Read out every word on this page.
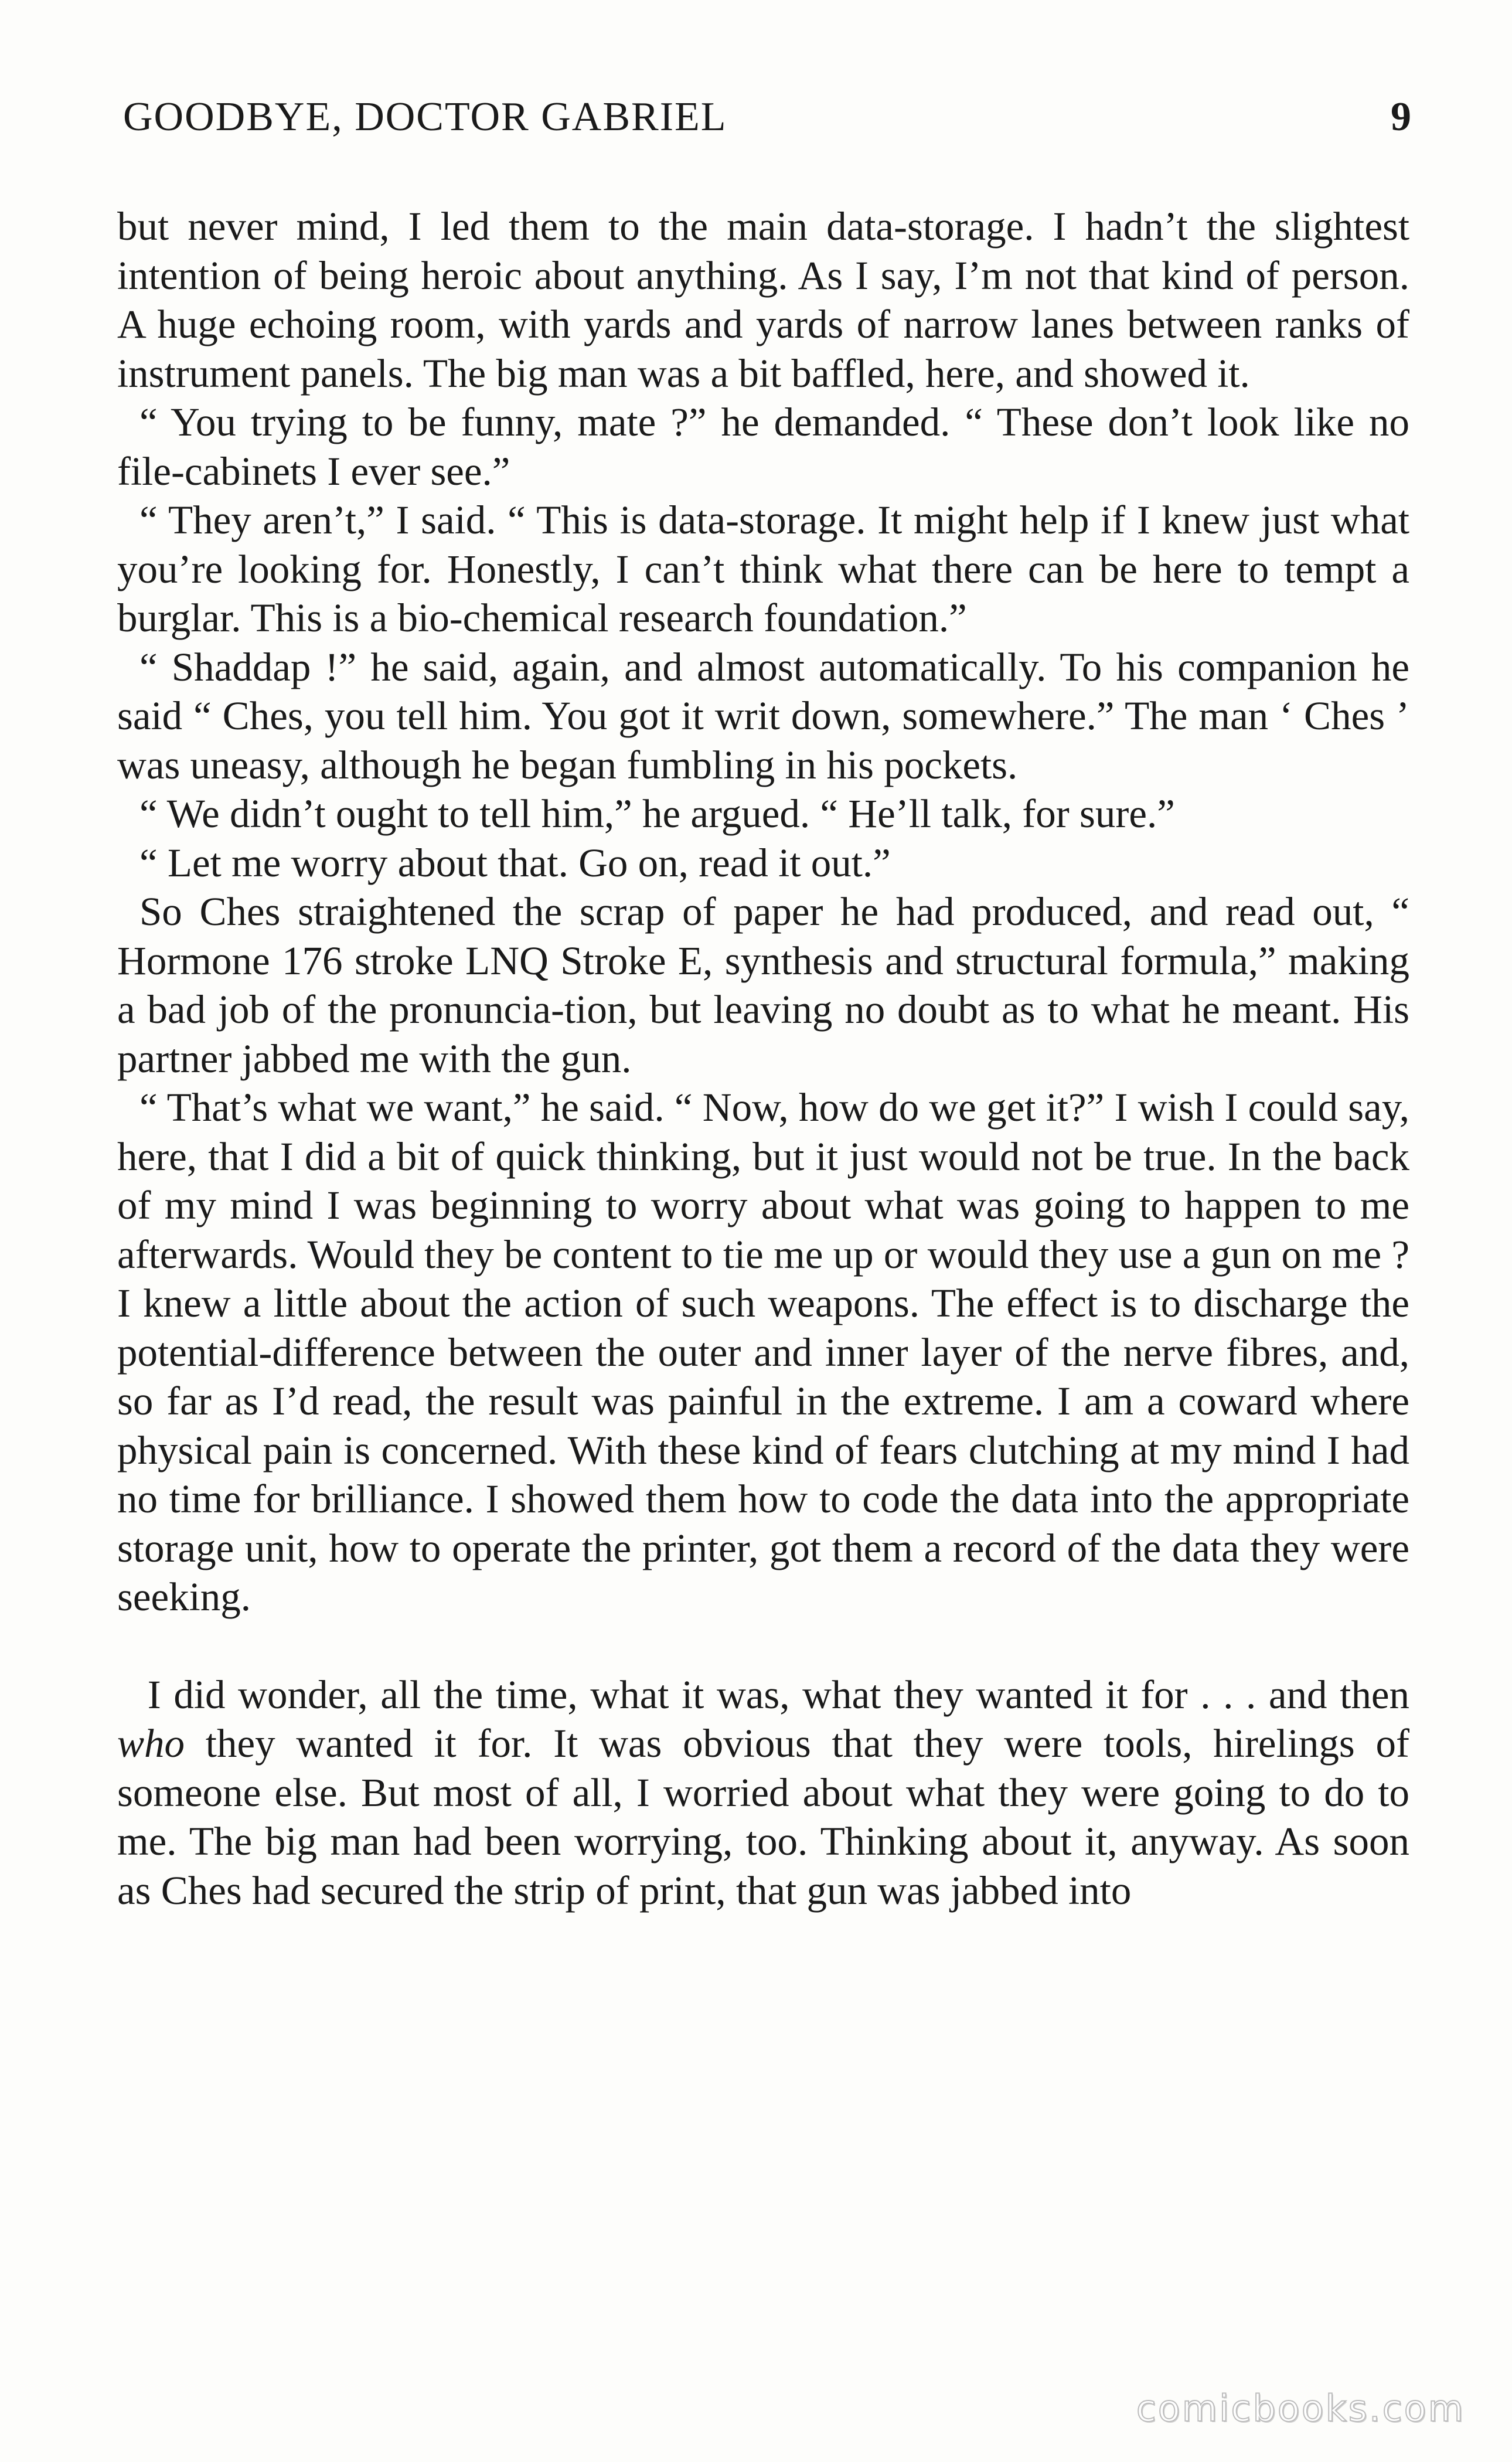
GOODBYE, DOCTOR GABRIEL	9

but never mind, I led them to the main data-storage. I hadn’t the slightest intention of being heroic about anything. As I say, I’m not that kind of person. A huge echoing room, with yards and yards of narrow lanes between ranks of instrument panels. The big man was a bit baffled, here, and showed it.

“ You trying to be funny, mate ?” he demanded. “ These don’t look like no file-cabinets I ever see.”

“ They aren’t,” I said. “ This is data-storage. It might help if I knew just what you’re looking for. Honestly, I can’t think what there can be here to tempt a burglar. This is a bio-chemical research foundation.”

“ Shaddap !” he said, again, and almost automatically. To his companion he said “ Ches, you tell him. You got it writ down, somewhere.” The man ‘ Ches ’ was uneasy, although he began fumbling in his pockets.

“ We didn’t ought to tell him,” he argued. “ He’ll talk, for sure.”

“ Let me worry about that. Go on, read it out.”

So Ches straightened the scrap of paper he had produced, and read out, “ Hormone 176 stroke LNQ Stroke E, synthesis and structural formula,” making a bad job of the pronuncia-tion, but leaving no doubt as to what he meant. His partner jabbed me with the gun.

“ That’s what we want,” he said. “ Now, how do we get it?” I wish I could say, here, that I did a bit of quick thinking, but it just would not be true. In the back of my mind I was beginning to worry about what was going to happen to me afterwards. Would they be content to tie me up or would they use a gun on me ? I knew a little about the action of such weapons. The effect is to discharge the potential-difference between the outer and inner layer of the nerve fibres, and, so far as I’d read, the result was painful in the extreme. I am a coward where physical pain is concerned. With these kind of fears clutching at my mind I had no time for brilliance. I showed them how to code the data into the appropriate storage unit, how to operate the printer, got them a record of the data they were seeking.

I did wonder, all the time, what it was, what they wanted it for . . . and then who they wanted it for. It was obvious that they were tools, hirelings of someone else. But most of all, I worried about what they were going to do to me. The big man had been worrying, too. Thinking about it, anyway. As soon as Ches had secured the strip of print, that gun was jabbed into

comicbooks.com
